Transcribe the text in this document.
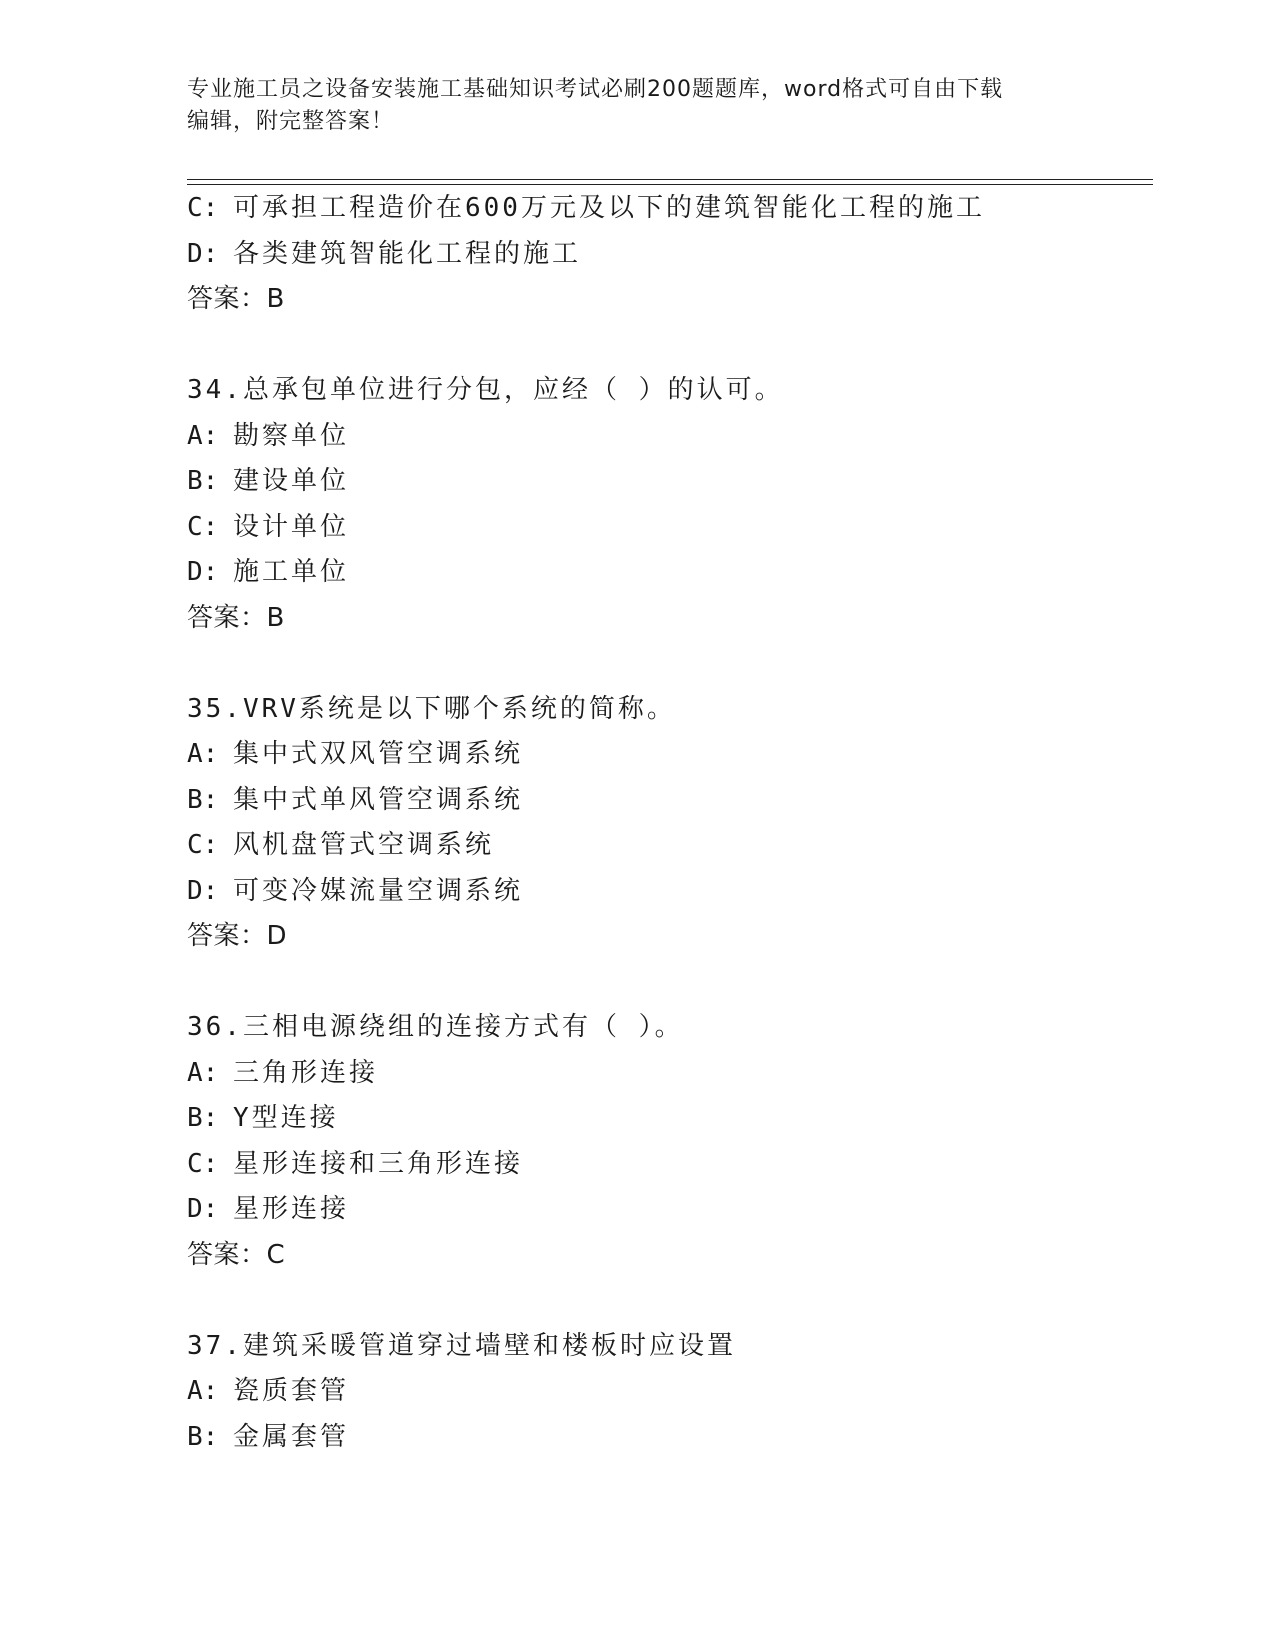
专业施工员之设备安装施工基础知识考试必刷200题题库，word格式可自由下载
编辑，附完整答案！
C: 可承担工程造价在600万元及以下的建筑智能化工程的施工
D: 各类建筑智能化工程的施工
答案：B
34.总承包单位进行分包，应经（ ）的认可。
A: 勘察单位
B: 建设单位
C: 设计单位
D: 施工单位
答案：B
35.VRV系统是以下哪个系统的简称。
A: 集中式双风管空调系统
B: 集中式单风管空调系统
C: 风机盘管式空调系统
D: 可变冷媒流量空调系统
答案：D
36.三相电源绕组的连接方式有（ ）。
A: 三角形连接
B: Y型连接
C: 星形连接和三角形连接
D: 星形连接
答案：C
37.建筑采暖管道穿过墙壁和楼板时应设置
A: 瓷质套管
B: 金属套管
